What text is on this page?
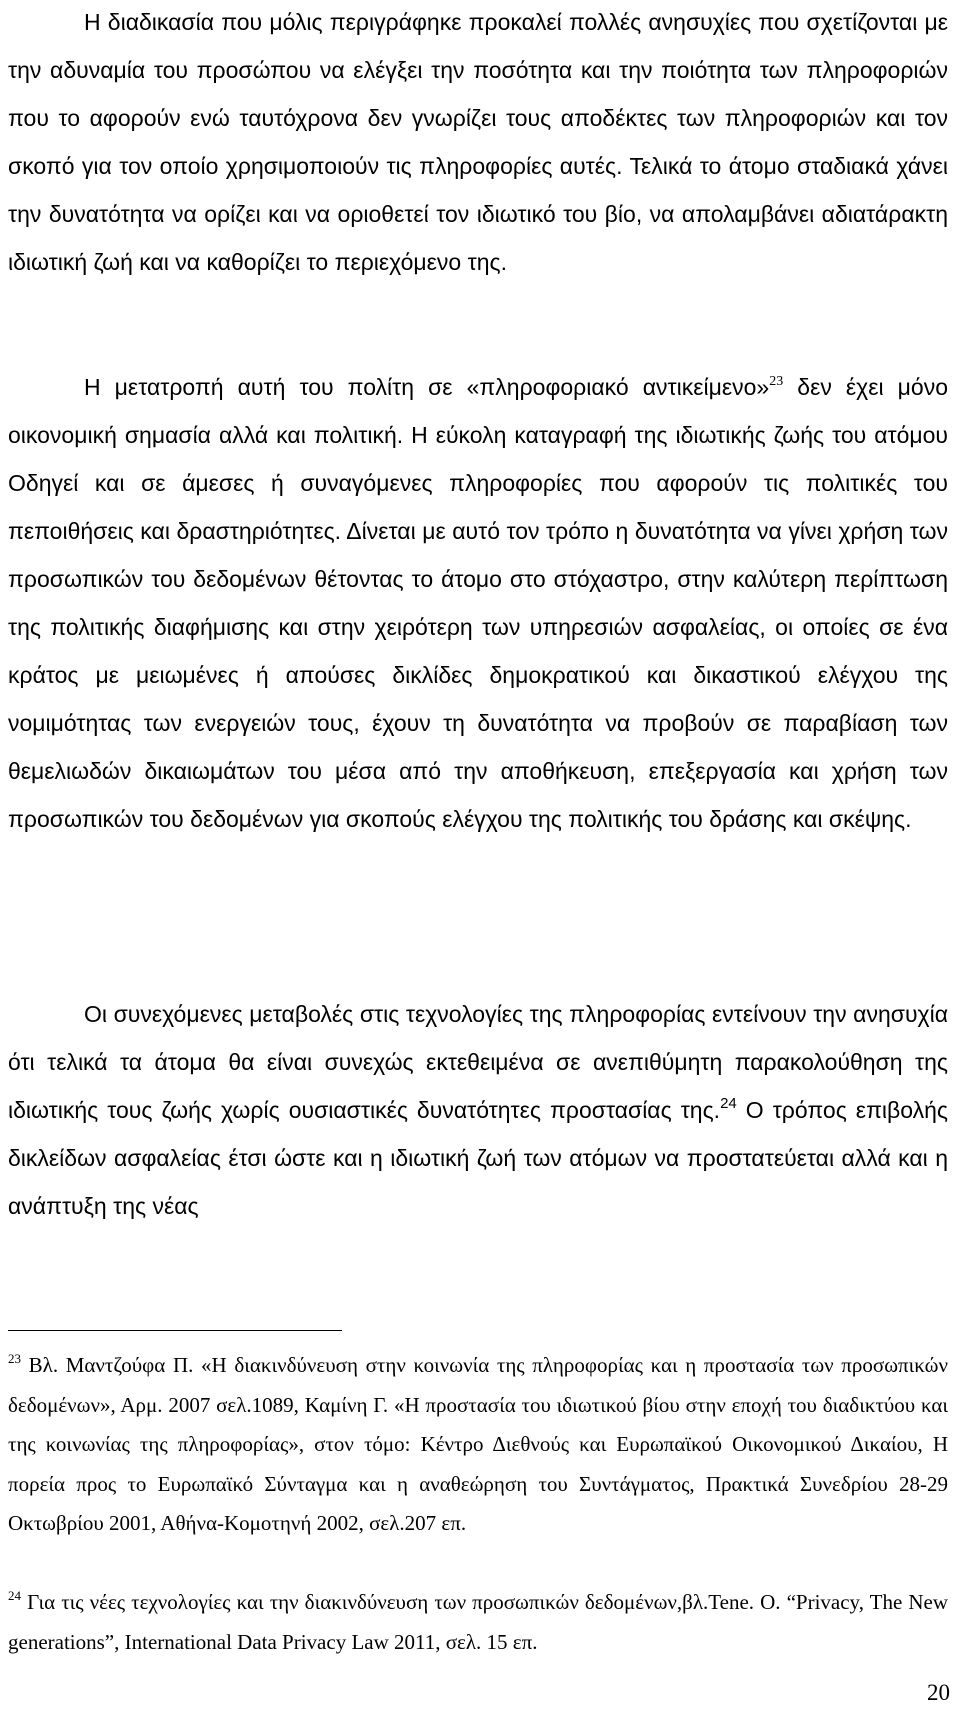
Η διαδικασία που μόλις περιγράφηκε προκαλεί πολλές ανησυχίες που σχετίζονται με την αδυναμία του προσώπου να ελέγξει την ποσότητα και την ποιότητα των πληροφοριών που το αφορούν ενώ ταυτόχρονα δεν γνωρίζει τους αποδέκτες των πληροφοριών και τον σκοπό για τον οποίο χρησιμοποιούν τις πληροφορίες αυτές. Τελικά το άτομο σταδιακά χάνει την δυνατότητα να ορίζει και να οριοθετεί τον ιδιωτικό του βίο, να απολαμβάνει αδιατάρακτη ιδιωτική ζωή και να καθορίζει το περιεχόμενο της.

Η μετατροπή αυτή του πολίτη σε «πληροφοριακό αντικείμενο»$^{23}$ δεν έχει μόνο οικονομική σημασία αλλά και πολιτική. Η εύκολη καταγραφή της ιδιωτικής ζωής του ατόμου Οδηγεί και σε άμεσες ή συναγόμενες πληροφορίες που αφορούν τις πολιτικές του πεποιθήσεις και δραστηριότητες. Δίνεται με αυτό τον τρόπο η δυνατότητα να γίνει χρήση των προσωπικών του δεδομένων θέτοντας το άτομο στο στόχαστρο, στην καλύτερη περίπτωση της πολιτικής διαφήμισης και στην χειρότερη των υπηρεσιών ασφαλείας, οι οποίες σε ένα κράτος με μειωμένες ή απούσες δικλίδες δημοκρατικού και δικαστικού ελέγχου της νομιμότητας των ενεργειών τους, έχουν τη δυνατότητα να προβούν σε παραβίαση των θεμελιωδών δικαιωμάτων του μέσα από την αποθήκευση, επεξεργασία και χρήση των προσωπικών του δεδομένων για σκοπούς ελέγχου της πολιτικής του δράσης και σκέψης.

Οι συνεχόμενες μεταβολές στις τεχνολογίες της πληροφορίας εντείνουν την ανησυχία ότι τελικά τα άτομα θα είναι συνεχώς εκτεθειμένα σε ανεπιθύμητη παρακολούθηση της ιδιωτικής τους ζωής χωρίς ουσιαστικές δυνατότητες προστασίας της.$^{24}$ Ο τρόπος επιβολής δικλείδων ασφαλείας έτσι ώστε και η ιδιωτική ζωή των ατόμων να προστατεύεται αλλά και η ανάπτυξη της νέας

$^{23}$ Βλ. Μαντζούφα Π. «Η διακινδύνευση στην κοινωνία της πληροφορίας και η προστασία των προσωπικών δεδομένων», Αρμ. 2007 σελ.1089, Καμίνη Γ. «Η προστασία του ιδιωτικού βίου στην εποχή του διαδικτύου και της κοινωνίας της πληροφορίας», στον τόμο: Κέντρο Διεθνούς και Ευρωπαϊκού Οικονομικού Δικαίου, Η πορεία προς το Ευρωπαϊκό Σύνταγμα και η αναθεώρηση του Συντάγματος, Πρακτικά Συνεδρίου 28-29 Οκτωβρίου 2001, Αθήνα-Κομοτηνή 2002, σελ.207 επ.

$^{24}$ Για τις νέες τεχνολογίες και την διακινδύνευση των προσωπικών δεδομένων,βλ.Tene. O. “Privacy, The New generations”, International Data Privacy Law 2011, σελ. 15 επ.

20
